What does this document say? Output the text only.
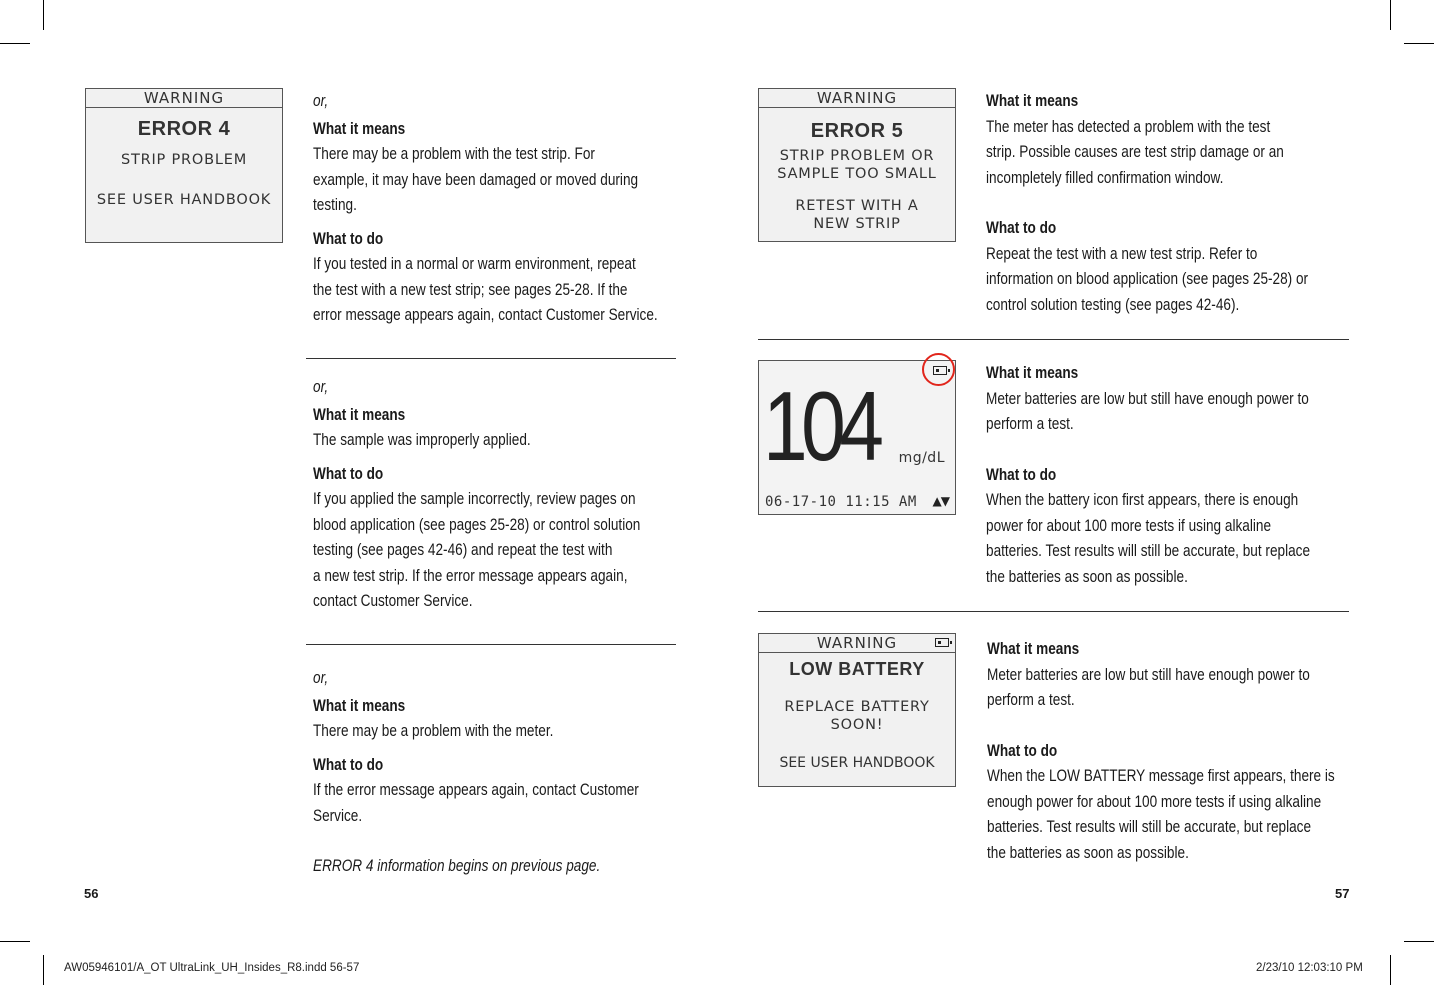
WARNING
ERROR 4
STRIP PROBLEM
SEE USER HANDBOOK

or,

What it means

There may be a problem with the test strip. For

example, it may have been damaged or moved during

testing.

What to do

If you tested in a normal or warm environment, repeat

the test with a new test strip; see pages 25-28. If the

error message appears again, contact Customer Service.

or,

What it means

The sample was improperly applied.

What to do

If you applied the sample incorrectly, review pages on

blood application (see pages 25-28) or control solution

testing (see pages 42-46) and repeat the test with

a new test strip. If the error message appears again,

contact Customer Service.

or,

What it means

There may be a problem with the meter.

What to do

If the error message appears again, contact Customer

Service.

ERROR 4 information begins on previous page.

56
WARNING
ERROR 5
STRIP PROBLEM OR
SAMPLE TOO SMALL
RETEST WITH A
NEW STRIP

What it means

The meter has detected a problem with the test

strip. Possible causes are test strip damage or an

incompletely filled confirmation window.

What to do

Repeat the test with a new test strip. Refer to

information on blood application (see pages 25-28) or

control solution testing (see pages 42-46).

104 mg/dL
06-17-10 11:15 AM ▲▼

What it means

Meter batteries are low but still have enough power to

perform a test.

What to do

When the battery icon first appears, there is enough

power for about 100 more tests if using alkaline

batteries. Test results will still be accurate, but replace

the batteries as soon as possible.

WARNING
LOW BATTERY
REPLACE BATTERY
SOON!
SEE USER HANDBOOK

What it means

Meter batteries are low but still have enough power to

perform a test.

What to do

When the LOW BATTERY message first appears, there is

enough power for about 100 more tests if using alkaline

batteries. Test results will still be accurate, but replace

the batteries as soon as possible.

57
AW05946101/A_OT UltraLink_UH_Insides_R8.indd 56-57	2/23/10 12:03:10 PM
